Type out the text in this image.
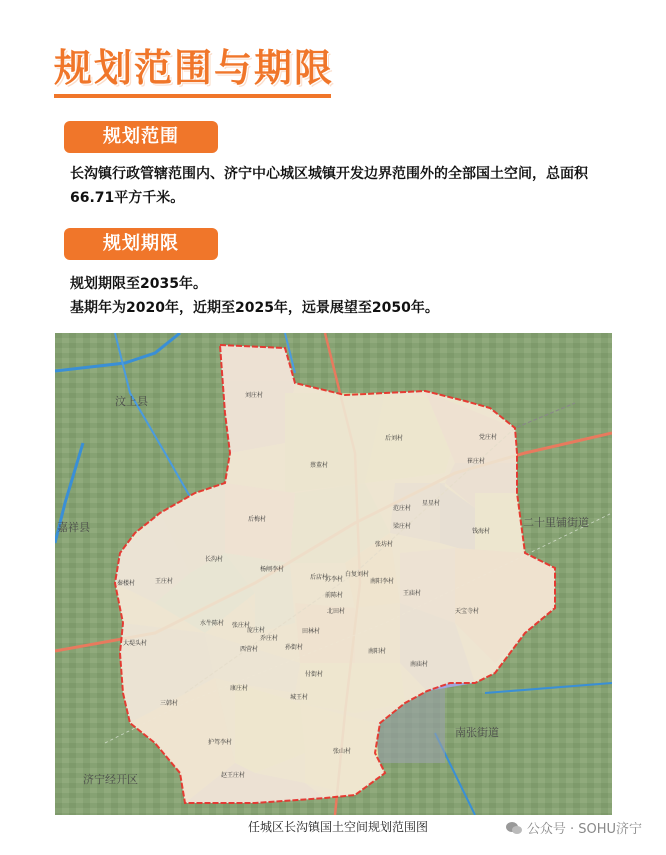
规划范围与期限
规划范围

长沟镇行政管辖范围内、济宁中心城区城镇开发边界范围外的全部国土空间，总面积66.71平方千米。

规划期限

规划期限至2035年。

基期年为2020年，近期至2025年，远景展望至2050年。

汶上县
嘉祥县
济宁经开区
二十里铺街道
南张街道
刘庄村
后刘村
蔡董村
党庄村
崔庄村
星星村
范庄村
梁庄村
钱海村
张坊村
后梅村
长沟村
杨闸李村
白复刘村
苏李村
后店村
南阳李村
王庄村
秦楼村
王庙村
天宝寺村
前陈村
北田村
水牛陈村 张庄村
庞庄村	田林村
大堤头村
西营村
乔庄村
孙街村
南阳村
南庙村
付街村
三韩村
康庄村
城王村
护驾李村
张山村
赵王庄村
任城区长沟镇国土空间规划范围图	公众号 · SOHU济宁
